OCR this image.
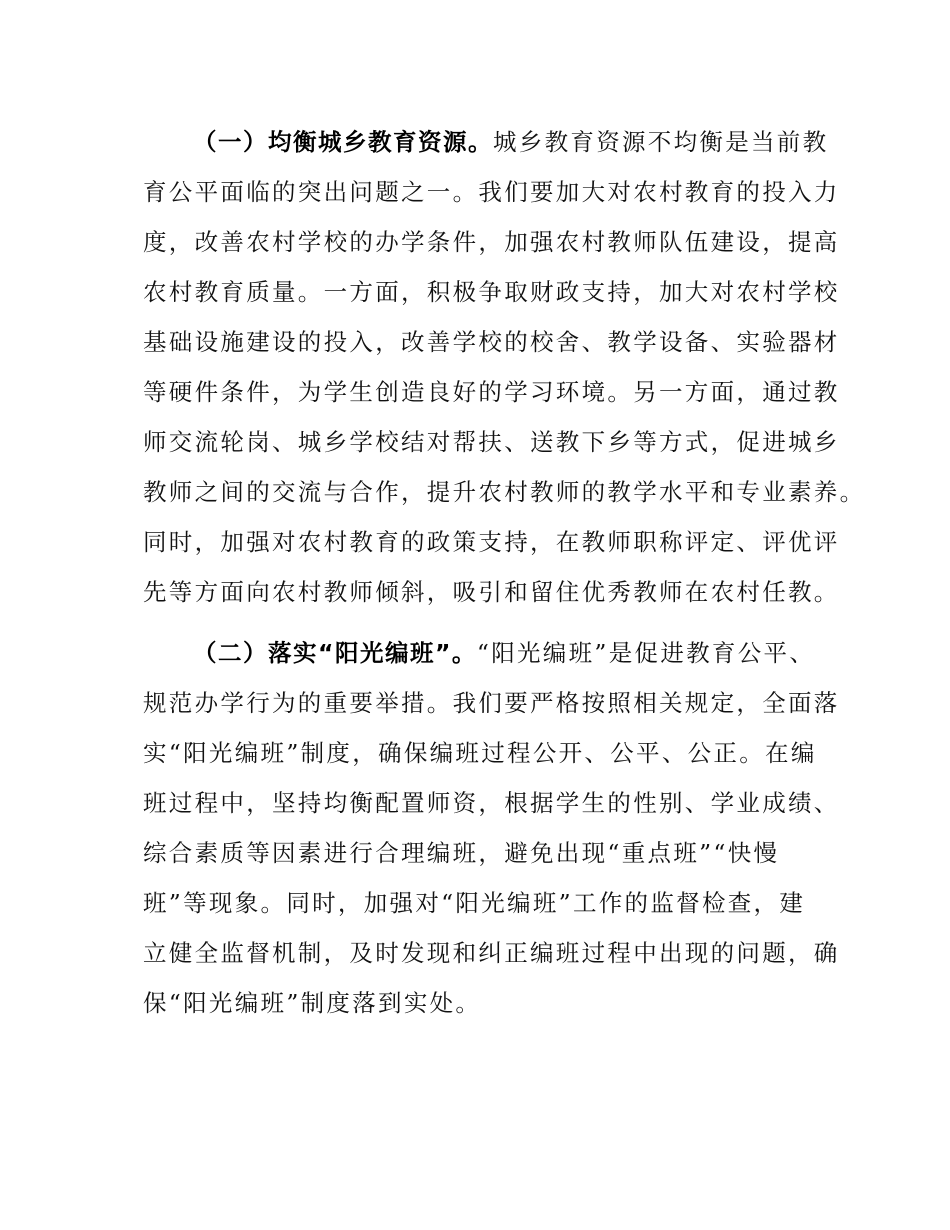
（一）均衡城乡教育资源。城乡教育资源不均衡是当前教
育公平面临的突出问题之一。我们要加大对农村教育的投入力
度，改善农村学校的办学条件，加强农村教师队伍建设，提高
农村教育质量。一方面，积极争取财政支持，加大对农村学校
基础设施建设的投入，改善学校的校舍、教学设备、实验器材
等硬件条件，为学生创造良好的学习环境。另一方面，通过教
师交流轮岗、城乡学校结对帮扶、送教下乡等方式，促进城乡
教师之间的交流与合作，提升农村教师的教学水平和专业素养。
同时，加强对农村教育的政策支持，在教师职称评定、评优评
先等方面向农村教师倾斜，吸引和留住优秀教师在农村任教。
（二）落实“阳光编班”。“阳光编班”是促进教育公平、
规范办学行为的重要举措。我们要严格按照相关规定，全面落
实“阳光编班”制度，确保编班过程公开、公平、公正。在编
班过程中，坚持均衡配置师资，根据学生的性别、学业成绩、
综合素质等因素进行合理编班，避免出现“重点班”“快慢
班”等现象。同时，加强对“阳光编班”工作的监督检查，建
立健全监督机制，及时发现和纠正编班过程中出现的问题，确
保“阳光编班”制度落到实处。
